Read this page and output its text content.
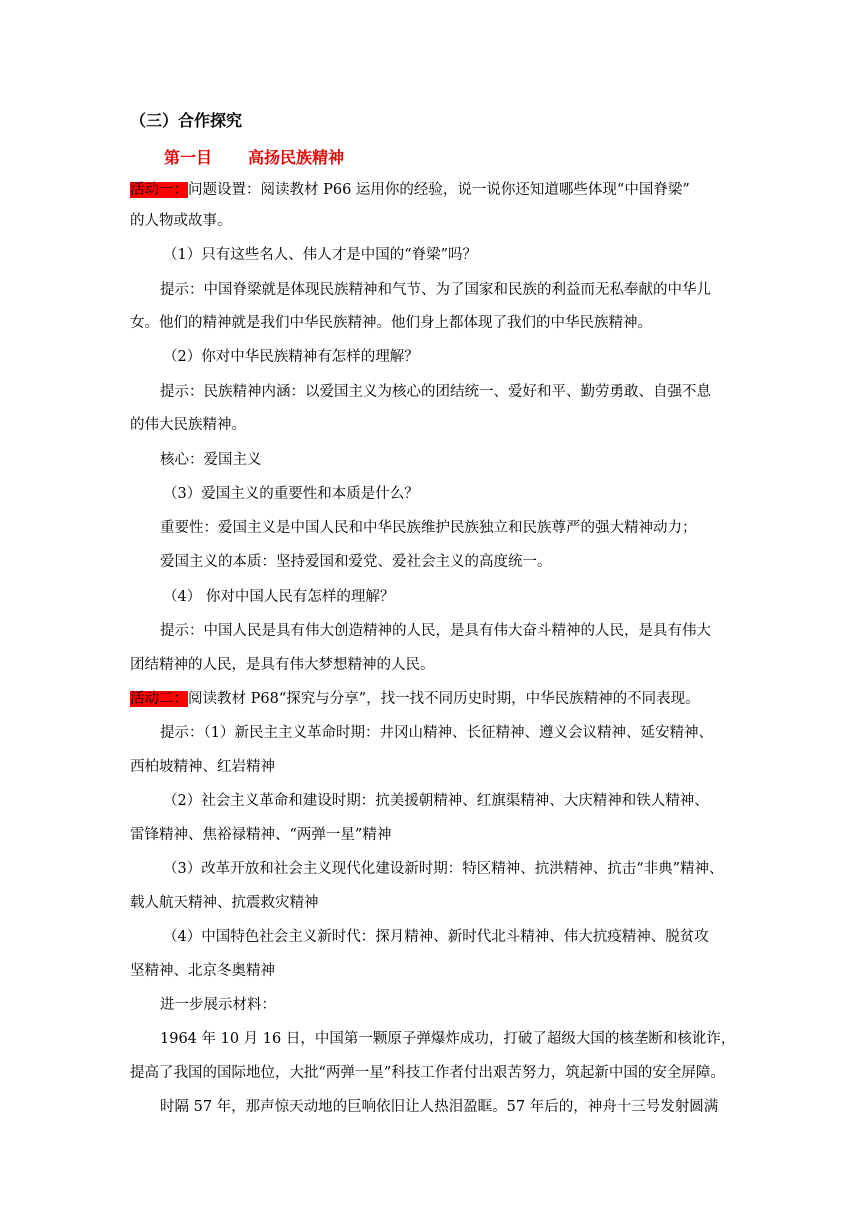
（三）合作探究
第一目 高扬民族精神
活动一：问题设置：阅读教材 P66 运用你的经验，说一说你还知道哪些体现“中国脊梁”
的人物或故事。
（1）只有这些名人、伟人才是中国的“脊梁”吗？
提示：中国脊梁就是体现民族精神和气节、为了国家和民族的利益而无私奉献的中华儿
女。他们的精神就是我们中华民族精神。他们身上都体现了我们的中华民族精神。
（2）你对中华民族精神有怎样的理解？
提示：民族精神内涵：以爱国主义为核心的团结统一、爱好和平、勤劳勇敢、自强不息
的伟大民族精神。
核心：爱国主义
（3）爱国主义的重要性和本质是什么？
重要性：爱国主义是中国人民和中华民族维护民族独立和民族尊严的强大精神动力；
爱国主义的本质：坚持爱国和爱党、爱社会主义的高度统一。
（4） 你对中国人民有怎样的理解？
提示：中国人民是具有伟大创造精神的人民，是具有伟大奋斗精神的人民，是具有伟大
团结精神的人民，是具有伟大梦想精神的人民。
活动二：阅读教材 P68“探究与分享”，找一找不同历史时期，中华民族精神的不同表现。
提示：（1）新民主主义革命时期：井冈山精神、长征精神、遵义会议精神、延安精神、
西柏坡精神、红岩精神
（2）社会主义革命和建设时期：抗美援朝精神、红旗渠精神、大庆精神和铁人精神、
雷锋精神、焦裕禄精神、“两弹一星”精神
（3）改革开放和社会主义现代化建设新时期：特区精神、抗洪精神、抗击“非典”精神、
载人航天精神、抗震救灾精神
（4）中国特色社会主义新时代：探月精神、新时代北斗精神、伟大抗疫精神、脱贫攻
坚精神、北京冬奥精神
进一步展示材料：
1964 年 10 月 16 日，中国第一颗原子弹爆炸成功，打破了超级大国的核垄断和核讹诈，
提高了我国的国际地位，大批“两弹一星”科技工作者付出艰苦努力，筑起新中国的安全屏障。
时隔 57 年，那声惊天动地的巨响依旧让人热泪盈眶。57 年后的，神舟十三号发射圆满
